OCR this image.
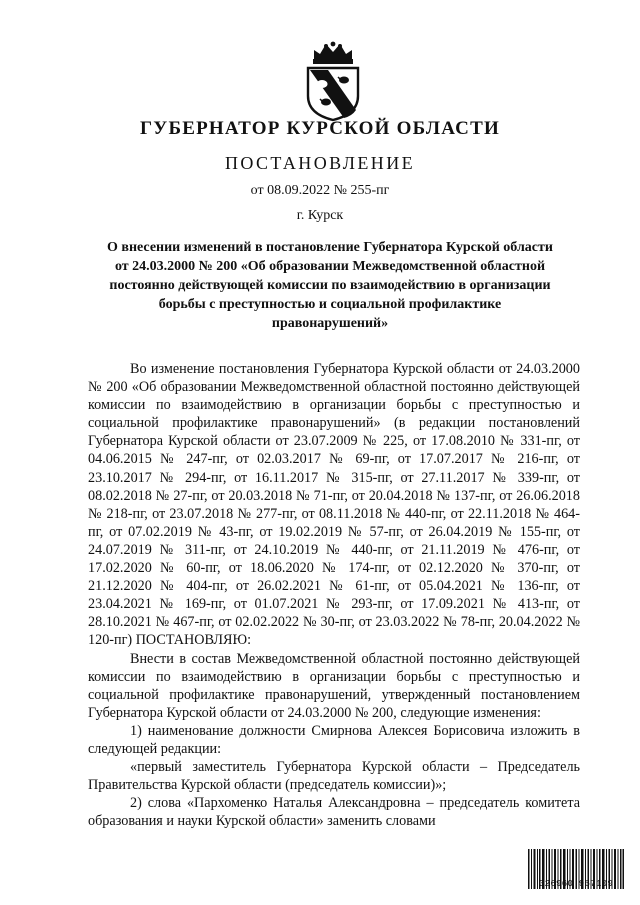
ГУБЕРНАТОР КУРСКОЙ ОБЛАСТИ
ПОСТАНОВЛЕНИЕ
от 08.09.2022 № 255-пг
г. Курск
О внесении изменений в постановление Губернатора Курской области от 24.03.2000 № 200 «Об образовании Межведомственной областной постоянно действующей комиссии по взаимодействию в организации борьбы с преступностью и социальной профилактике правонарушений»

Во изменение постановления Губернатора Курской области от 24.03.2000 № 200 «Об образовании Межведомственной областной постоянно действующей комиссии по взаимодействию в организации борьбы с преступностью и социальной профилактике правонарушений» (в редакции постановлений Губернатора Курской области от 23.07.2009 № 225, от 17.08.2010 № 331-пг, от 04.06.2015 № 247-пг, от 02.03.2017 № 69-пг, от 17.07.2017 № 216-пг, от 23.10.2017 № 294-пг, от 16.11.2017 № 315-пг, от 27.11.2017 № 339-пг, от 08.02.2018 № 27-пг, от 20.03.2018 № 71-пг, от 20.04.2018 № 137-пг, от 26.06.2018 № 218-пг, от 23.07.2018 № 277-пг, от 08.11.2018 № 440-пг, от 22.11.2018 № 464-пг, от 07.02.2019 № 43-пг, от 19.02.2019 № 57-пг, от 26.04.2019 № 155-пг, от 24.07.2019 № 311-пг, от 24.10.2019 № 440-пг, от 21.11.2019 № 476-пг, от 17.02.2020 № 60-пг, от 18.06.2020 № 174-пг, от 02.12.2020 № 370-пг, от 21.12.2020 № 404-пг, от 26.02.2021 № 61-пг, от 05.04.2021 № 136-пг, от 23.04.2021 № 169-пг, от 01.07.2021 № 293-пг, от 17.09.2021 № 413-пг, от 28.10.2021 № 467-пг, от 02.02.2022 № 30-пг, от 23.03.2022 № 78-пг, 20.04.2022 № 120-пг) ПОСТАНОВЛЯЮ:

Внести в состав Межведомственной областной постоянно действующей комиссии по взаимодействию в организации борьбы с преступностью и социальной профилактике правонарушений, утвержденный постановлением Губернатора Курской области от 24.03.2000 № 200, следующие изменения:

1) наименование должности Смирнова Алексея Борисовича изложить в следующей редакции:

«первый заместитель Губернатора Курской области – Председатель Правительства Курской области (председатель комиссии)»;

2) слова «Пархоменко Наталья Александровна – председатель комитета образования и науки Курской области» заменить словами

326960 967109
